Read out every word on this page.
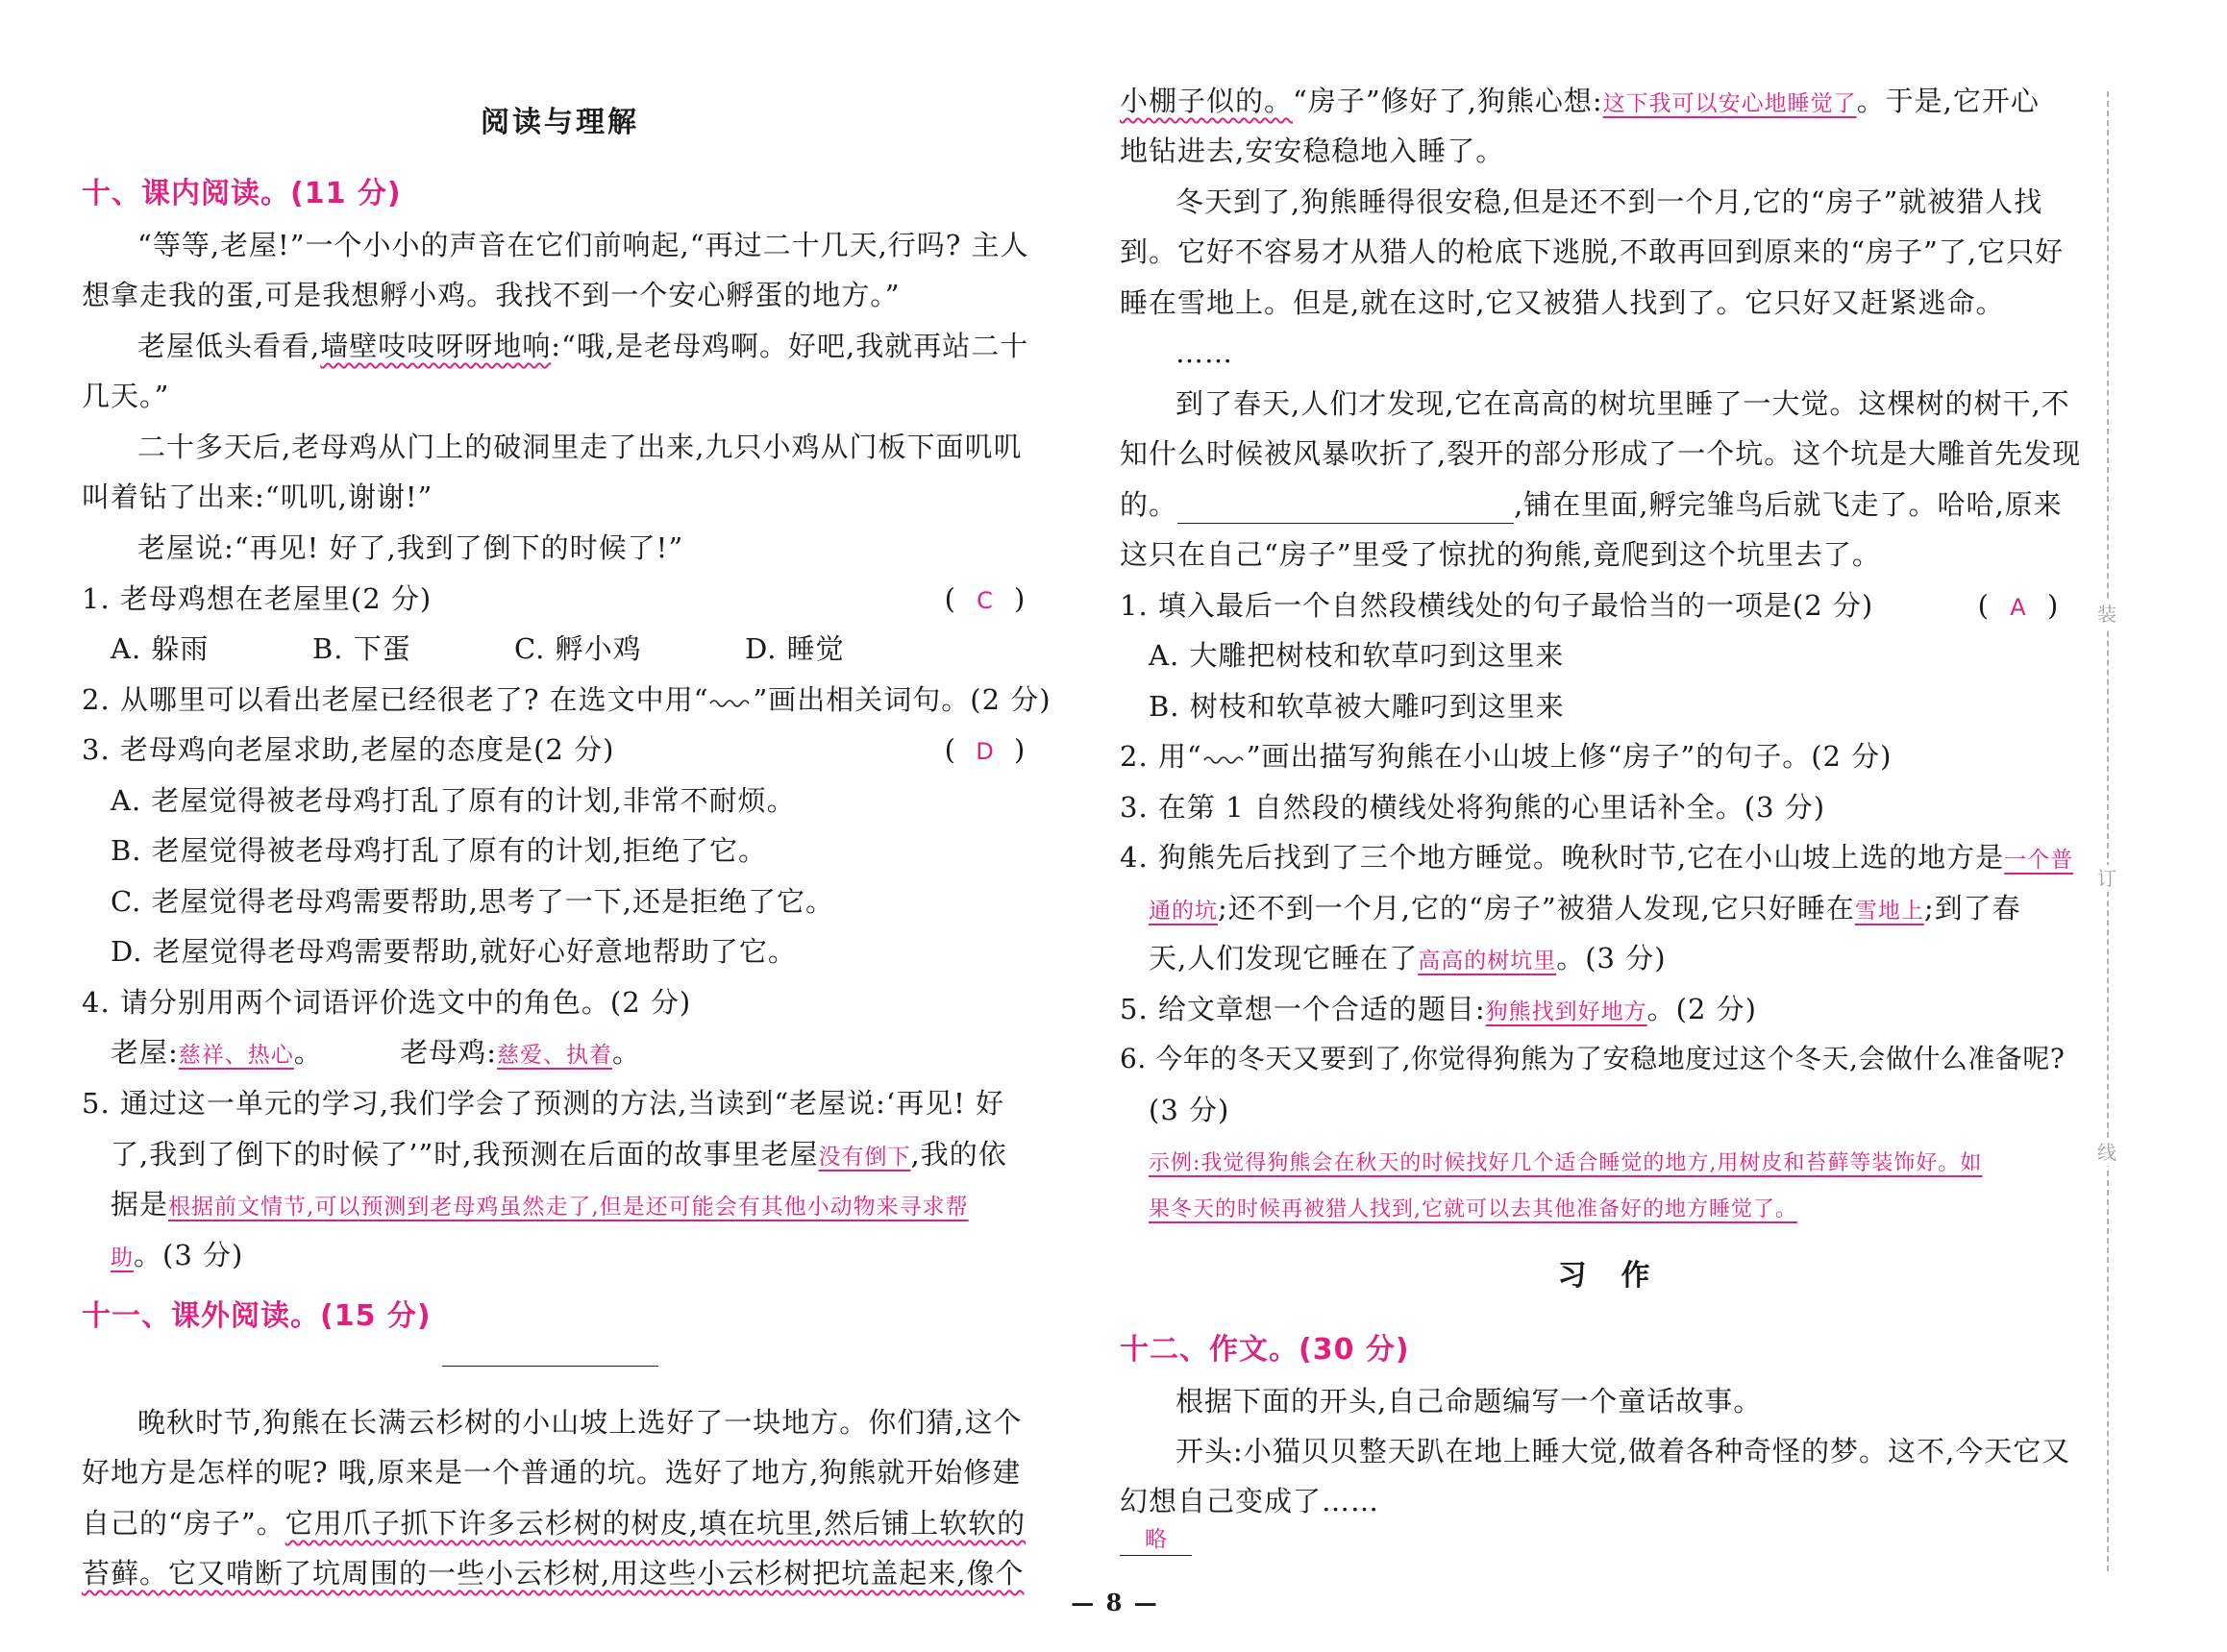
阅读与理解
十、课内阅读。(11 分)
“等等,老屋!”一个小小的声音在它们前响起,“再过二十几天,行吗? 主人
想拿走我的蛋,可是我想孵小鸡。我找不到一个安心孵蛋的地方。”
老屋低头看看,墙壁吱吱呀呀地响:“哦,是老母鸡啊。好吧,我就再站二十
几天。”
二十多天后,老母鸡从门上的破洞里走了出来,九只小鸡从门板下面叽叽
叫着钻了出来:“叽叽,谢谢!”
老屋说:“再见! 好了,我到了倒下的时候了!”
1. 老母鸡想在老屋里(2 分)	( C )
A. 躲雨	B. 下蛋	C. 孵小鸡	D. 睡觉
2. 从哪里可以看出老屋已经很老了? 在选文中用“ ”画出相关词句。(2 分)
3. 老母鸡向老屋求助,老屋的态度是(2 分)	( D )
A. 老屋觉得被老母鸡打乱了原有的计划,非常不耐烦。
B. 老屋觉得被老母鸡打乱了原有的计划,拒绝了它。
C. 老屋觉得老母鸡需要帮助,思考了一下,还是拒绝了它。
D. 老屋觉得老母鸡需要帮助,就好心好意地帮助了它。
4. 请分别用两个词语评价选文中的角色。(2 分)
老屋:慈祥、热心。	老母鸡:慈爱、执着。
5. 通过这一单元的学习,我们学会了预测的方法,当读到“老屋说:‘再见! 好
了,我到了倒下的时候了’”时,我预测在后面的故事里老屋没有倒下,我的依
据是根据前文情节,可以预测到老母鸡虽然走了,但是还可能会有其他小动物来寻求帮
助。(3 分)
十一、课外阅读。(15 分)
晚秋时节,狗熊在长满云杉树的小山坡上选好了一块地方。你们猜,这个
好地方是怎样的呢? 哦,原来是一个普通的坑。选好了地方,狗熊就开始修建
自己的“房子”。它用爪子抓下许多云杉树的树皮,填在坑里,然后铺上软软的
苔藓。它又啃断了坑周围的一些小云杉树,用这些小云杉树把坑盖起来,像个
小棚子似的。“房子”修好了,狗熊心想:这下我可以安心地睡觉了。于是,它开心
地钻进去,安安稳稳地入睡了。
冬天到了,狗熊睡得很安稳,但是还不到一个月,它的“房子”就被猎人找
到。它好不容易才从猎人的枪底下逃脱,不敢再回到原来的“房子”了,它只好
睡在雪地上。但是,就在这时,它又被猎人找到了。它只好又赶紧逃命。
……
到了春天,人们才发现,它在高高的树坑里睡了一大觉。这棵树的树干,不
知什么时候被风暴吹折了,裂开的部分形成了一个坑。这个坑是大雕首先发现
的。	,铺在里面,孵完雏鸟后就飞走了。哈哈,原来
这只在自己“房子”里受了惊扰的狗熊,竟爬到这个坑里去了。
1. 填入最后一个自然段横线处的句子最恰当的一项是(2 分)	( A )
A. 大雕把树枝和软草叼到这里来
B. 树枝和软草被大雕叼到这里来
2. 用“ ”画出描写狗熊在小山坡上修“房子”的句子。(2 分)
3. 在第 1 自然段的横线处将狗熊的心里话补全。(3 分)
4. 狗熊先后找到了三个地方睡觉。晚秋时节,它在小山坡上选的地方是一个普
通的坑;还不到一个月,它的“房子”被猎人发现,它只好睡在雪地上;到了春
天,人们发现它睡在了高高的树坑里。(3 分)
5. 给文章想一个合适的题目:狗熊找到好地方。(2 分)
6. 今年的冬天又要到了,你觉得狗熊为了安稳地度过这个冬天,会做什么准备呢?
(3 分)
示例:我觉得狗熊会在秋天的时候找好几个适合睡觉的地方,用树皮和苔藓等装饰好。如
果冬天的时候再被猎人找到,它就可以去其他准备好的地方睡觉了。
习　作
十二、作文。(30 分)
根据下面的开头,自己命题编写一个童话故事。
开头:小猫贝贝整天趴在地上睡大觉,做着各种奇怪的梦。这不,今天它又
幻想自己变成了……
略
— 8 —
装
订
线
